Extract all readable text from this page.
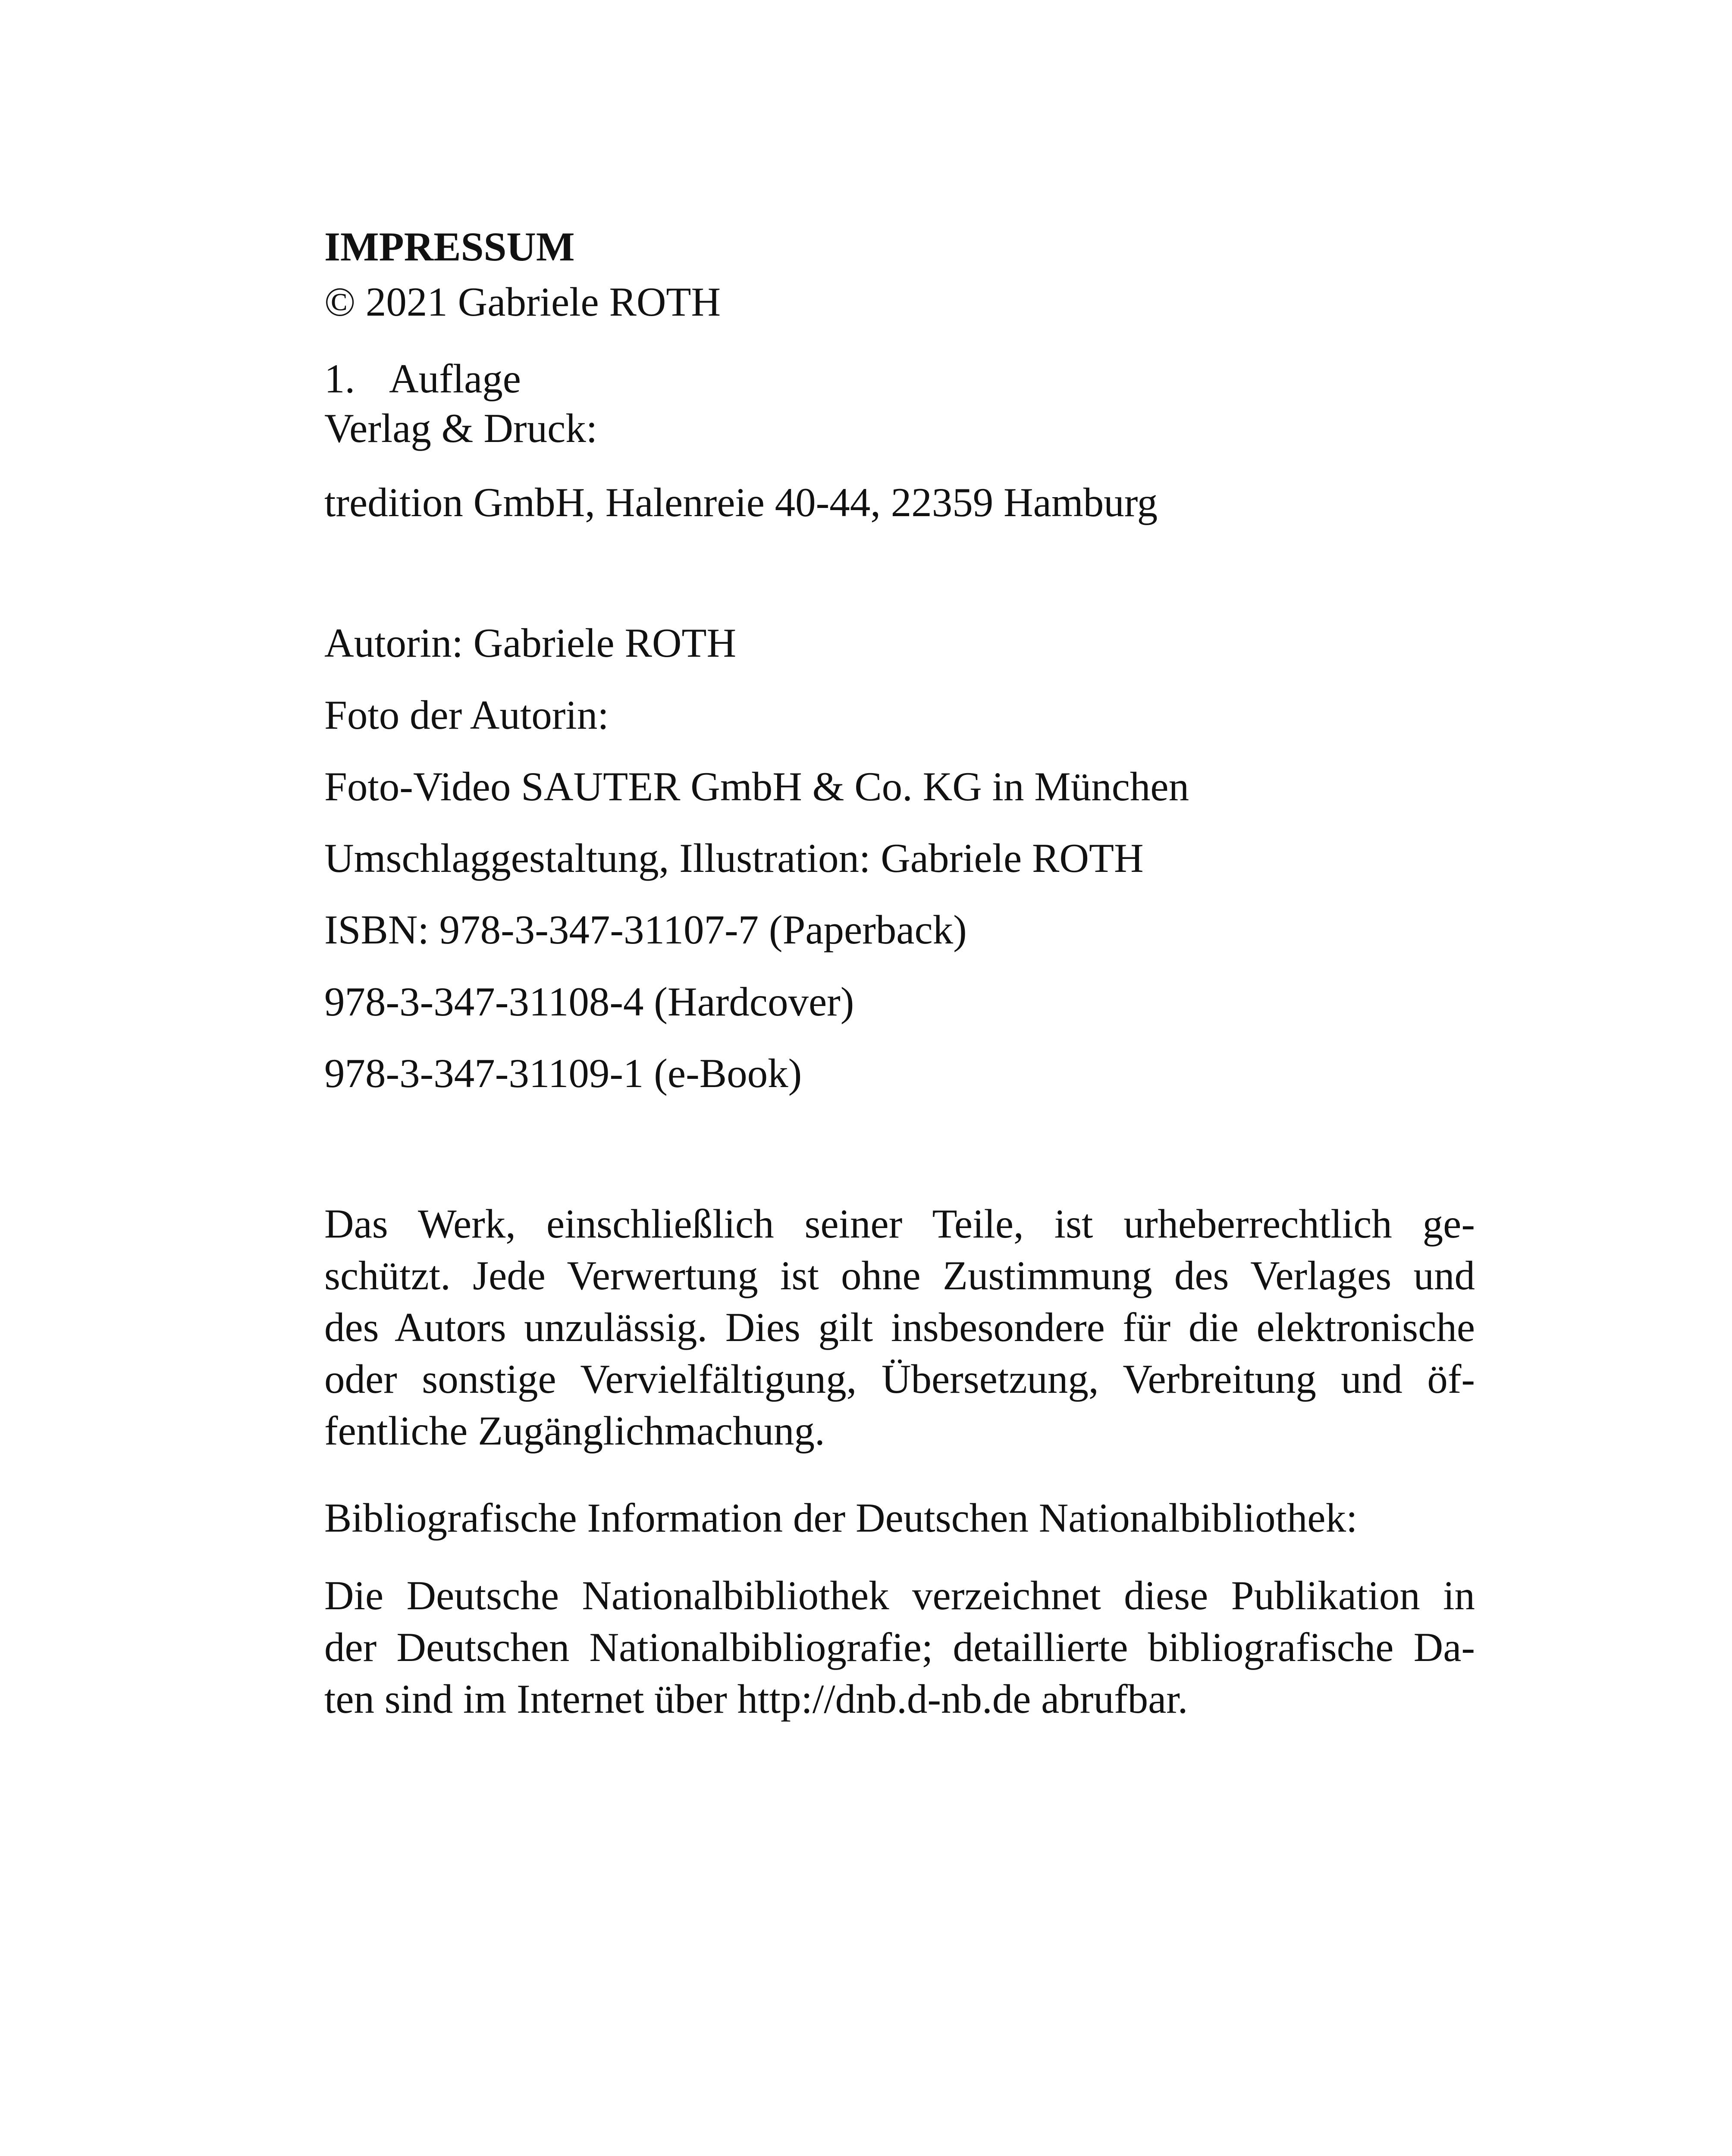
IMPRESSUM

© 2021 Gabriele ROTH

1. Auflage

Verlag & Druck:

tredition GmbH, Halenreie 40-44, 22359 Hamburg

Autorin: Gabriele ROTH

Foto der Autorin:

Foto-Video SAUTER GmbH & Co. KG in München

Umschlaggestaltung, Illustration: Gabriele ROTH

ISBN: 978-3-347-31107-7 (Paperback)

978-3-347-31108-4 (Hardcover)

978-3-347-31109-1 (e-Book)

Das Werk, einschließlich seiner Teile, ist urheberrechtlich ge-
schützt. Jede Verwertung ist ohne Zustimmung des Verlages und
des Autors unzulässig. Dies gilt insbesondere für die elektronische
oder sonstige Vervielfältigung, Übersetzung, Verbreitung und öf-
fentliche Zugänglichmachung.

Bibliografische Information der Deutschen Nationalbibliothek:

Die Deutsche Nationalbibliothek verzeichnet diese Publikation in
der Deutschen Nationalbibliografie; detaillierte bibliografische Da-
ten sind im Internet über http://dnb.d-nb.de abrufbar.
